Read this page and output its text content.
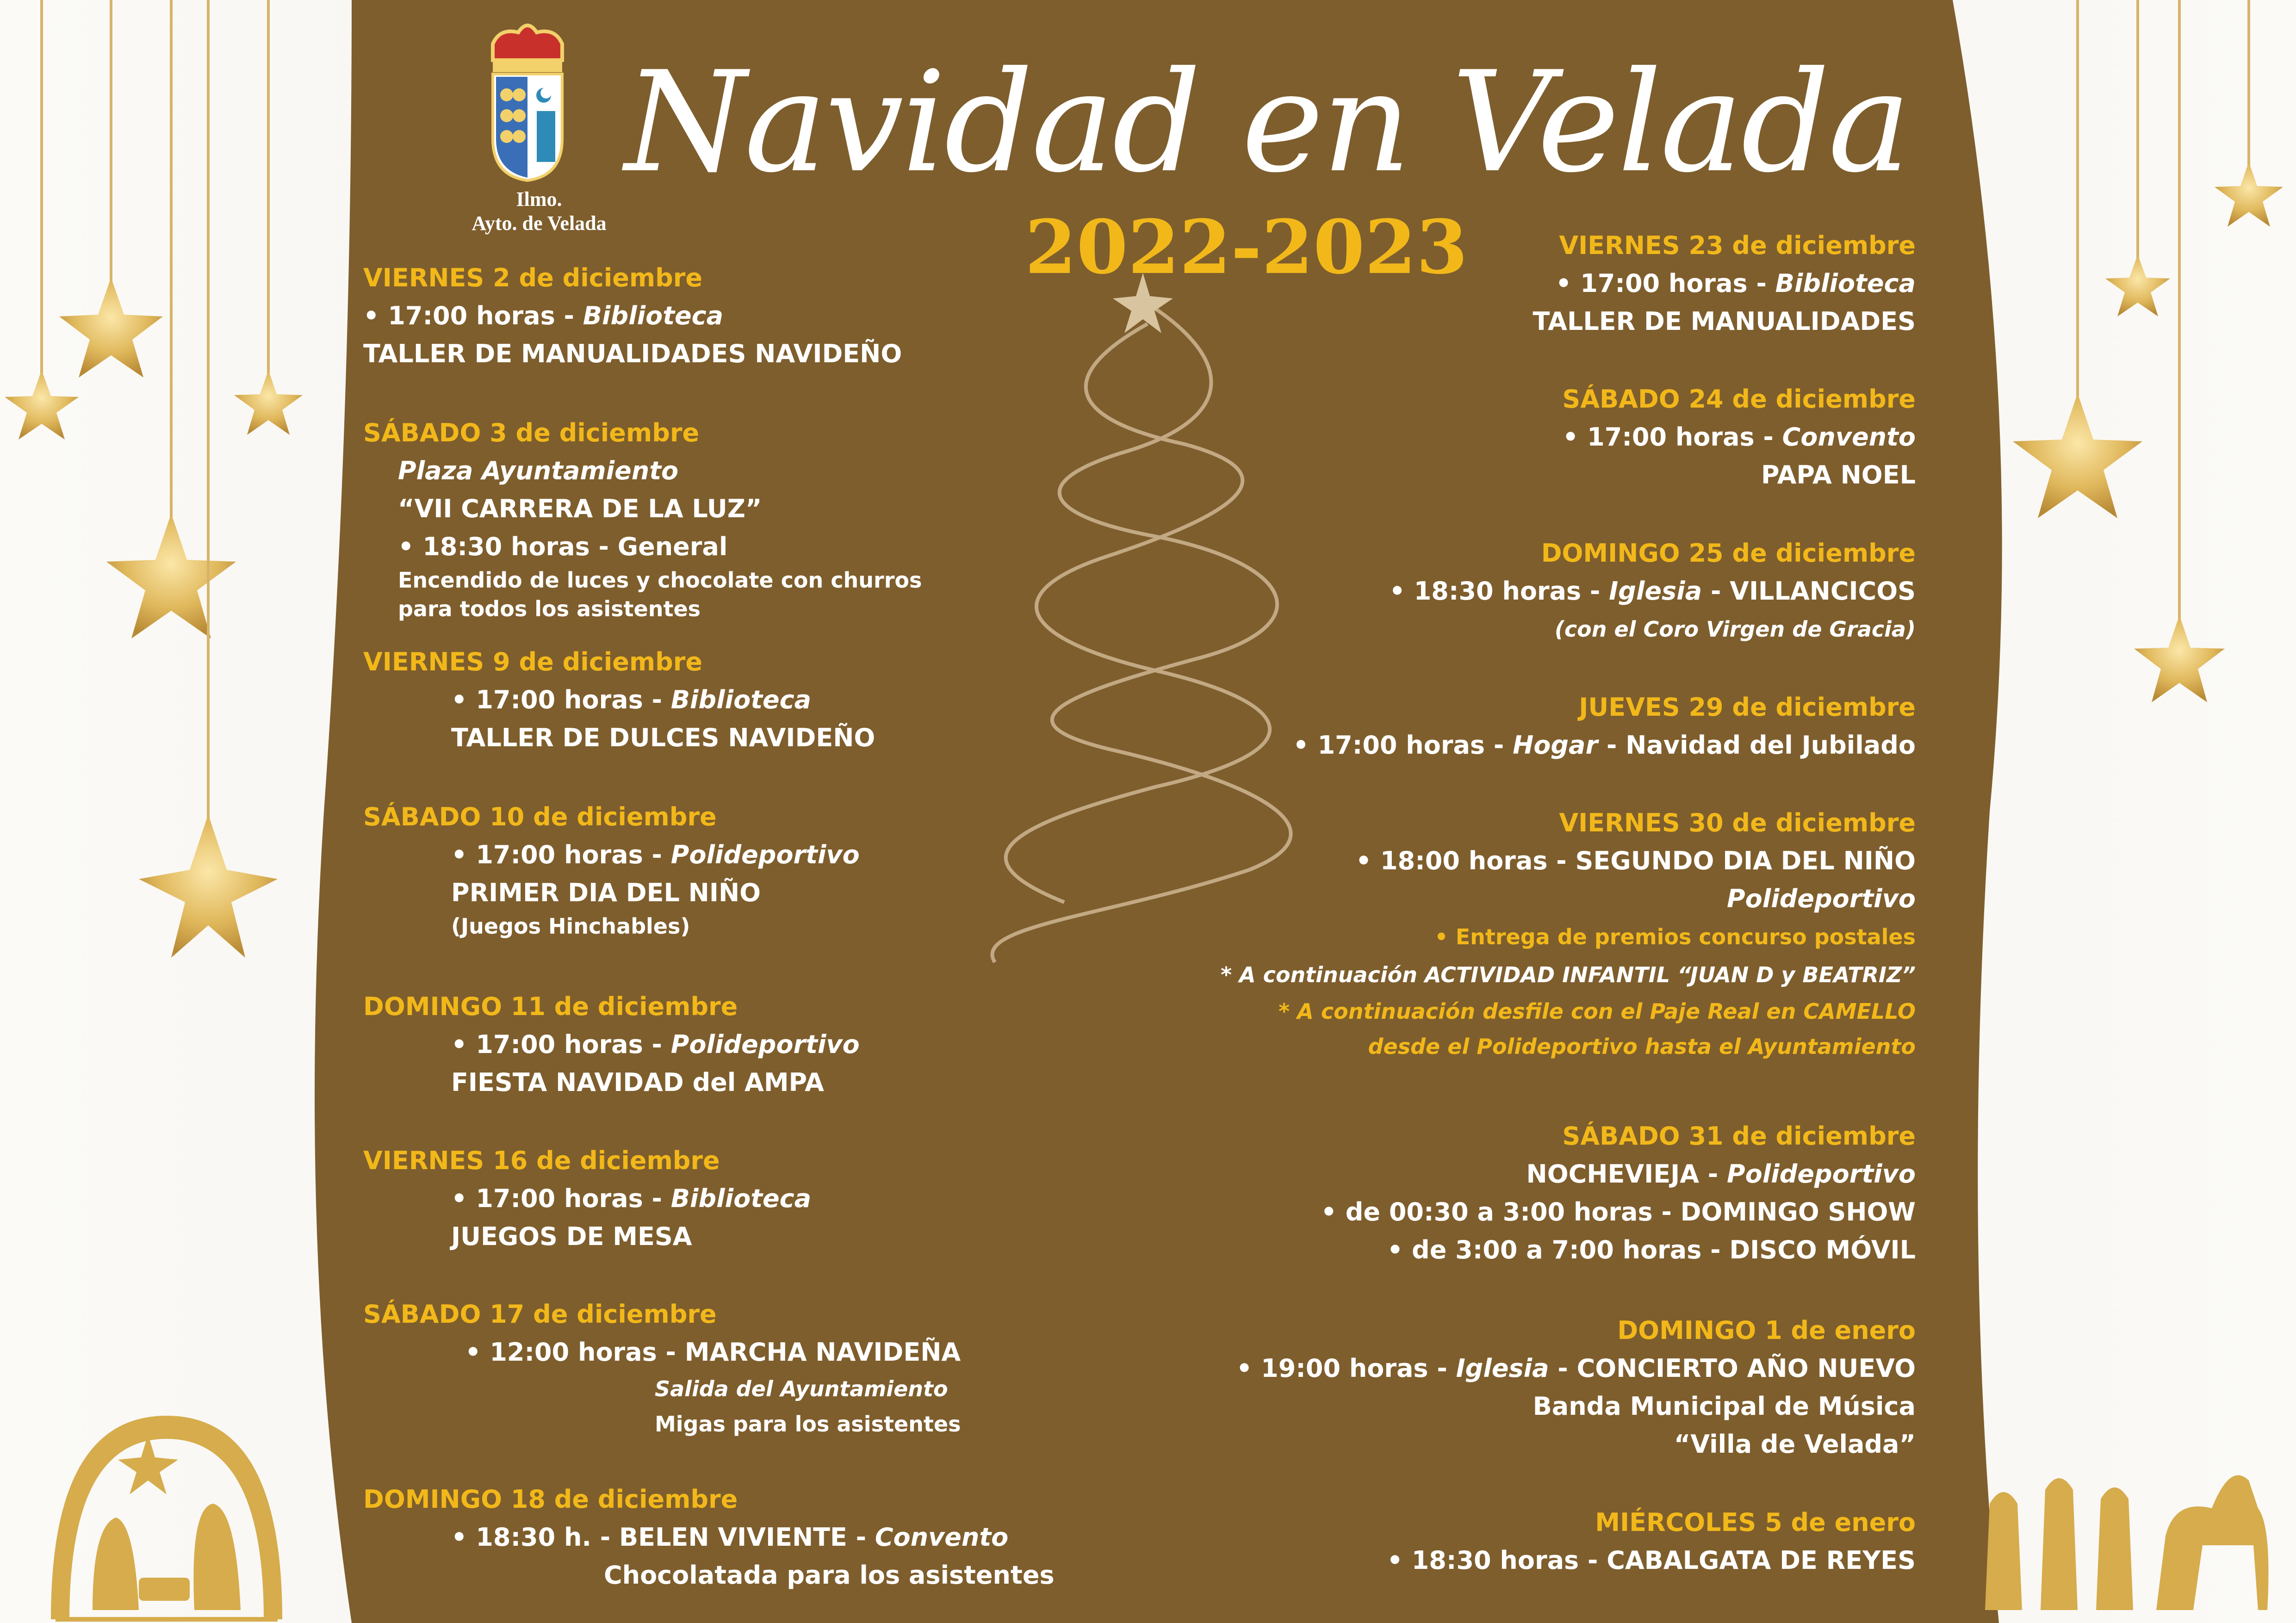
Ilmo.
Ayto. de Velada
Navidad en Velada
2022-2023
VIERNES 2 de diciembre
• 17:00 horas - Biblioteca
TALLER DE MANUALIDADES NAVIDEÑO
SÁBADO 3 de diciembre
Plaza Ayuntamiento
“VII CARRERA DE LA LUZ”
• 18:30 horas - General
Encendido de luces y chocolate con churros
para todos los asistentes
VIERNES 9 de diciembre
• 17:00 horas - Biblioteca
TALLER DE DULCES NAVIDEÑO
SÁBADO 10 de diciembre
• 17:00 horas - Polideportivo
PRIMER DIA DEL NIÑO
(Juegos Hinchables)
DOMINGO 11 de diciembre
• 17:00 horas - Polideportivo
FIESTA NAVIDAD del AMPA
VIERNES 16 de diciembre
• 17:00 horas - Biblioteca
JUEGOS DE MESA
SÁBADO 17 de diciembre
• 12:00 horas - MARCHA NAVIDEÑA
Salida del Ayuntamiento
Migas para los asistentes
DOMINGO 18 de diciembre
• 18:30 h. - BELEN VIVIENTE - Convento
Chocolatada para los asistentes
VIERNES 23 de diciembre
• 17:00 horas - Biblioteca
TALLER DE MANUALIDADES
SÁBADO 24 de diciembre
• 17:00 horas - Convento
PAPA NOEL
DOMINGO 25 de diciembre
• 18:30 horas - Iglesia - VILLANCICOS
(con el Coro Virgen de Gracia)
JUEVES 29 de diciembre
• 17:00 horas - Hogar - Navidad del Jubilado
VIERNES 30 de diciembre
• 18:00 horas - SEGUNDO DIA DEL NIÑO
Polideportivo
• Entrega de premios concurso postales
* A continuación ACTIVIDAD INFANTIL “JUAN D y BEATRIZ”
* A continuación desfile con el Paje Real en CAMELLO
desde el Polideportivo hasta el Ayuntamiento
SÁBADO 31 de diciembre
NOCHEVIEJA - Polideportivo
• de 00:30 a 3:00 horas - DOMINGO SHOW
• de 3:00 a 7:00 horas - DISCO MÓVIL
DOMINGO 1 de enero
• 19:00 horas - Iglesia - CONCIERTO AÑO NUEVO
Banda Municipal de Música
“Villa de Velada”
MIÉRCOLES 5 de enero
• 18:30 horas - CABALGATA DE REYES
